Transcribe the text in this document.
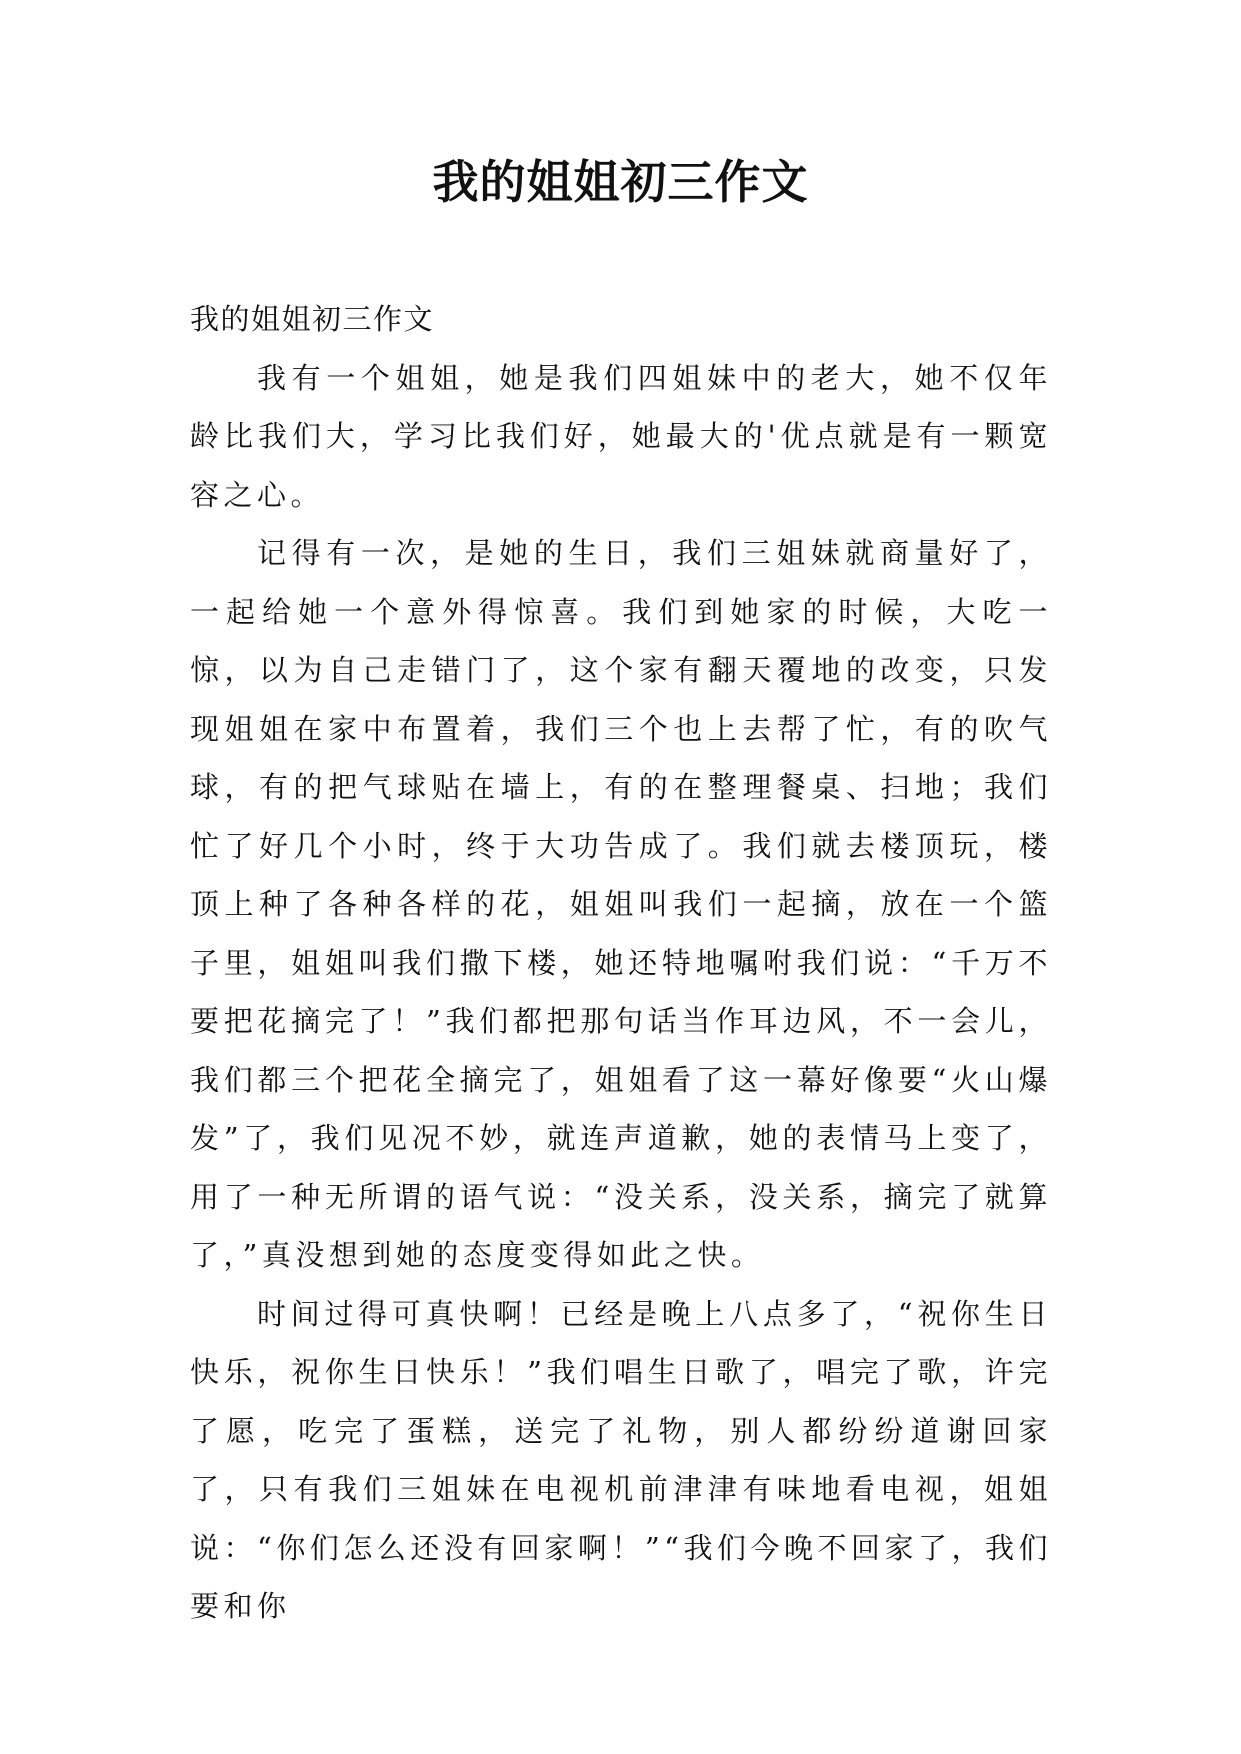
我的姐姐初三作文

我的姐姐初三作文

我有一个姐姐，她是我们四姐妹中的老大，她不仅年龄比我们大，学习比我们好，她最大的'优点就是有一颗宽容之心。

记得有一次，是她的生日，我们三姐妹就商量好了，一起给她一个意外得惊喜。我们到她家的时候，大吃一惊，以为自己走错门了，这个家有翻天覆地的改变，只发现姐姐在家中布置着，我们三个也上去帮了忙，有的吹气球，有的把气球贴在墙上，有的在整理餐桌、扫地；我们忙了好几个小时，终于大功告成了。我们就去楼顶玩，楼顶上种了各种各样的花，姐姐叫我们一起摘，放在一个篮子里，姐姐叫我们撒下楼，她还特地嘱咐我们说：“千万不要把花摘完了！”我们都把那句话当作耳边风，不一会儿，我们都三个把花全摘完了，姐姐看了这一幕好像要“火山爆发”了，我们见况不妙，就连声道歉，她的表情马上变了，用了一种无所谓的语气说：“没关系，没关系，摘完了就算了，”真没想到她的态度变得如此之快。

时间过得可真快啊！已经是晚上八点多了，“祝你生日快乐，祝你生日快乐！”我们唱生日歌了，唱完了歌，许完了愿，吃完了蛋糕，送完了礼物，别人都纷纷道谢回家了，只有我们三姐妹在电视机前津津有味地看电视，姐姐说：“你们怎么还没有回家啊！”“我们今晚不回家了，我们要和你
